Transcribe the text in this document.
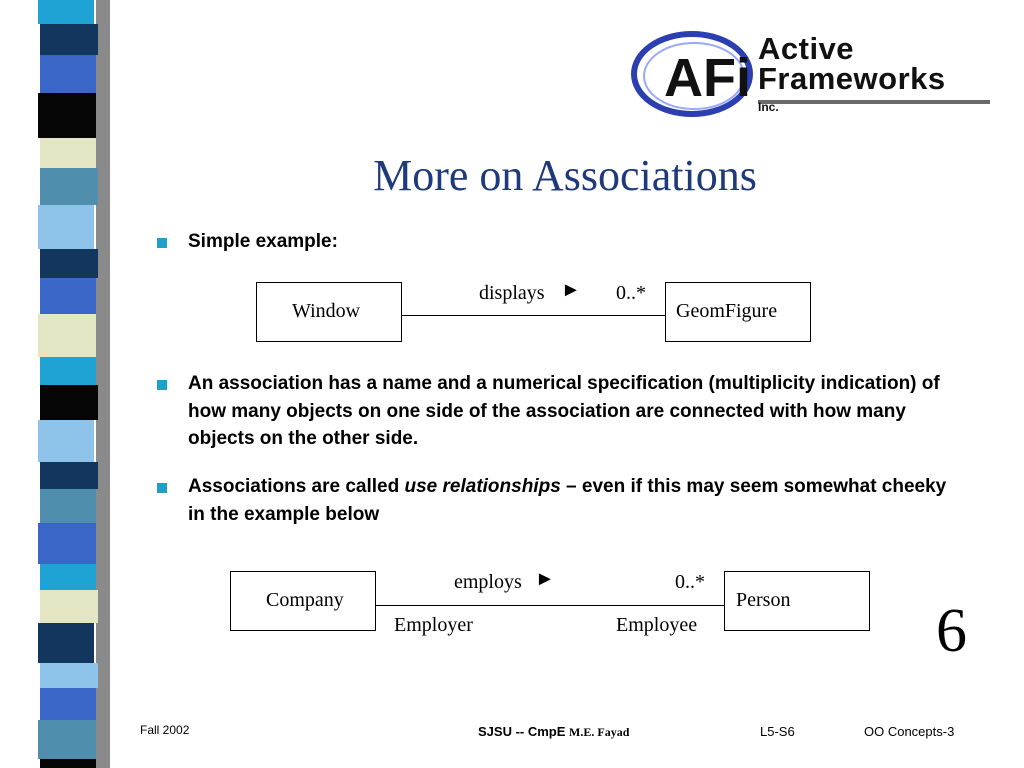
AFi Active
Frameworks
Inc.
More on Associations
Simple example:
Window	GeomFigure
displays ► 0..*
An association has a name and a numerical specification (multiplicity indication) of how many objects on one side of the association are connected with how many objects on the other side.
Associations are called use relationships – even if this may seem somewhat cheeky in the example below
Company	Person
employs ►	0..*
Employer	Employee	6
Fall 2002	SJSU -- CmpE M.E. Fayad	L5-S6	OO Concepts-3
